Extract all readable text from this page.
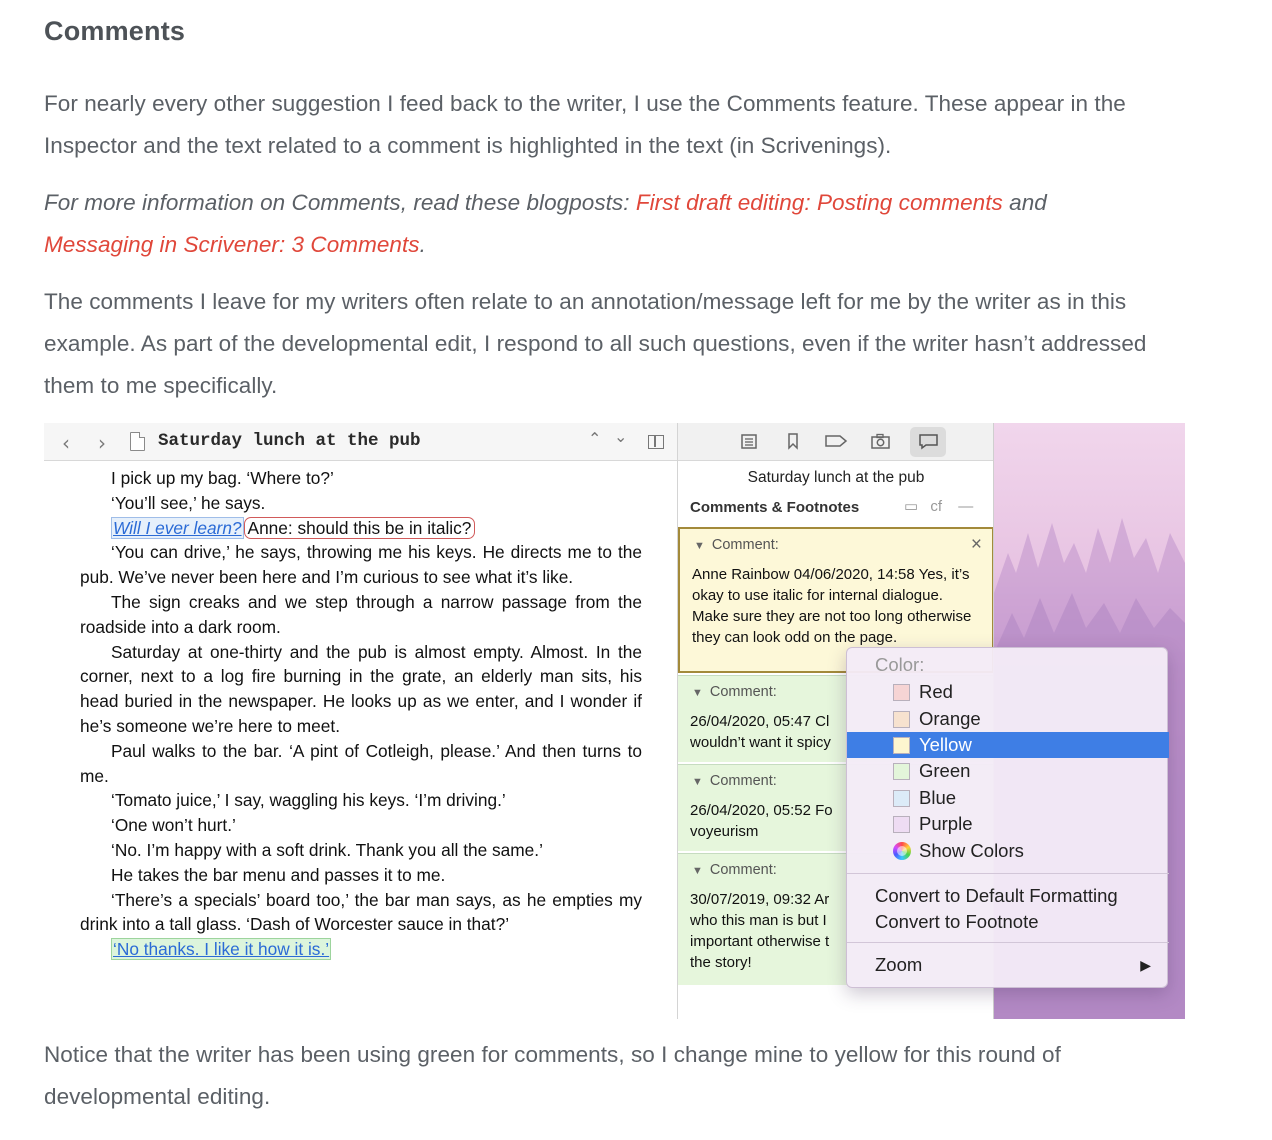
Comments

For nearly every other suggestion I feed back to the writer, I use the Comments feature. These appear in the Inspector and the text related to a comment is highlighted in the text (in Scrivenings).

For more information on Comments, read these blogposts: First draft editing: Posting comments and
Messaging in Scrivener: 3 Comments.

The comments I leave for my writers often relate to an annotation/message left for me by the writer as in this example. As part of the developmental edit, I respond to all such questions, even if the writer hasn’t addressed them to me specifically.

Notice that the writer has been using green for comments, so I change mine to yellow for this round of developmental editing.

‹ ›	Saturday lunch at the pub	⌃ ⌄

I pick up my bag. ‘Where to?’

‘You’ll see,’ he says.

Will I ever learn? Anne: should this be in italic?

‘You can drive,’ he says, throwing me his keys. He directs me to the pub. We’ve never been here and I’m curious to see what it’s like.

The sign creaks and we step through a narrow passage from the roadside into a dark room.

Saturday at one-thirty and the pub is almost empty. Almost. In the corner, next to a log fire burning in the grate, an elderly man sits, his head buried in the newspaper. He looks up as we enter, and I wonder if he’s someone we’re here to meet.

Paul walks to the bar. ‘A pint of Cotleigh, please.’ And then turns to me.

‘Tomato juice,’ I say, waggling his keys. ‘I’m driving.’

‘One won’t hurt.’

‘No. I’m happy with a soft drink. Thank you all the same.’

He takes the bar menu and passes it to me.

‘There’s a specials’ board too,’ the bar man says, as he empties my drink into a tall glass. ‘Dash of Worcester sauce in that?’

‘No thanks. I like it how it is.’

Saturday lunch at the pub
Comments & Footnotes	▭ cf —
▼ Comment:	×
Anne Rainbow 04/06/2020, 14:58 Yes, it’s okay to use italic for internal dialogue. Make sure they are not too long otherwise they can look odd on the page.
▼ Comment:
26/04/2020, 05:47 Cl wouldn’t want it spicy
▼ Comment:
26/04/2020, 05:52 Fo voyeurism
▼ Comment:
30/07/2019, 09:32 Ar who this man is but I important otherwise t the story!
Color:
Red
Orange
Yellow
Green
Blue
Purple
Show Colors
Convert to Default Formatting
Convert to Footnote
Zoom	▶
